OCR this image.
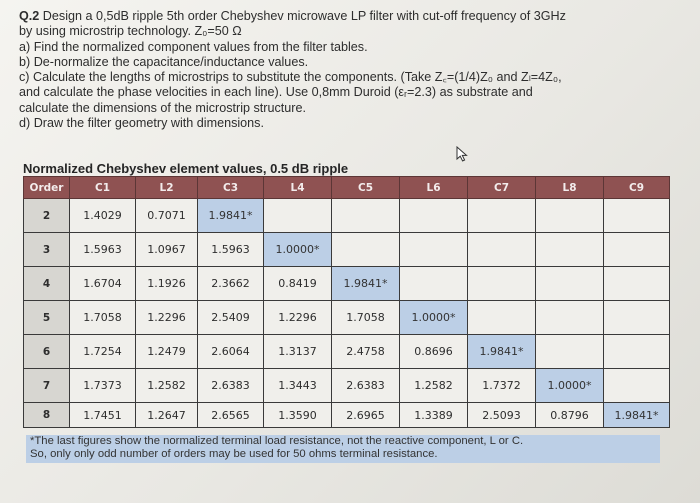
Q.2 Design a 0,5dB ripple 5th order Chebyshev microwave LP filter with cut-off frequency of 3GHz
by using microstrip technology. Z₀=50 Ω
a) Find the normalized component values from the filter tables.
b) De-normalize the capacitance/inductance values.
c) Calculate the lengths of microstrips to substitute the components. (Take Z꜀=(1/4)Z₀ and Zₗ=4Z₀,
and calculate the phase velocities in each line). Use 0,8mm Duroid (εᵣ=2.3) as substrate and
calculate the dimensions of the microstrip structure.
d) Draw the filter geometry with dimensions.
Normalized Chebyshev element values, 0.5 dB ripple
Order	C1	L2	C3	L4	C5	L6	C7	L8	C9
2	1.4029	0.7071	1.9841*						
3	1.5963	1.0967	1.5963	1.0000*					
4	1.6704	1.1926	2.3662	0.8419	1.9841*				
5	1.7058	1.2296	2.5409	1.2296	1.7058	1.0000*			
6	1.7254	1.2479	2.6064	1.3137	2.4758	0.8696	1.9841*		
7	1.7373	1.2582	2.6383	1.3443	2.6383	1.2582	1.7372	1.0000*	
8	1.7451	1.2647	2.6565	1.3590	2.6965	1.3389	2.5093	0.8796	1.9841*
*The last figures show the normalized terminal load resistance, not the reactive component, L or C.
So, only only odd number of orders may be used for 50 ohms terminal resistance.
